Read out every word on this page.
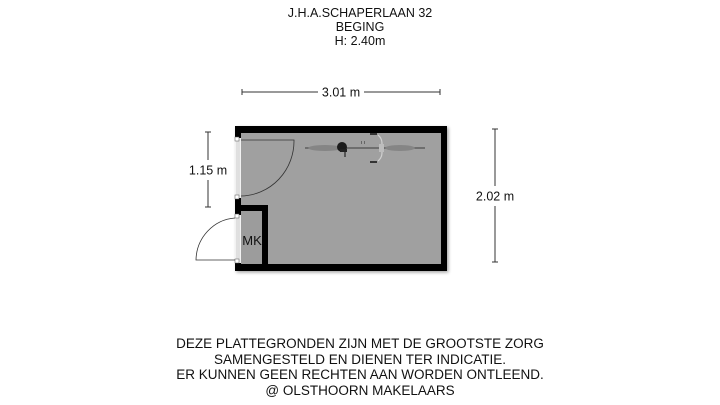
J.H.A.SCHAPERLAAN 32
BEGING
H: 2.40m
3.01 m
1.15 m
2.02 m
MK
DEZE PLATTEGRONDEN ZIJN MET DE GROOTSTE ZORG
SAMENGESTELD EN DIENEN TER INDICATIE.
ER KUNNEN GEEN RECHTEN AAN WORDEN ONTLEEND.
@ OLSTHOORN MAKELAARS
